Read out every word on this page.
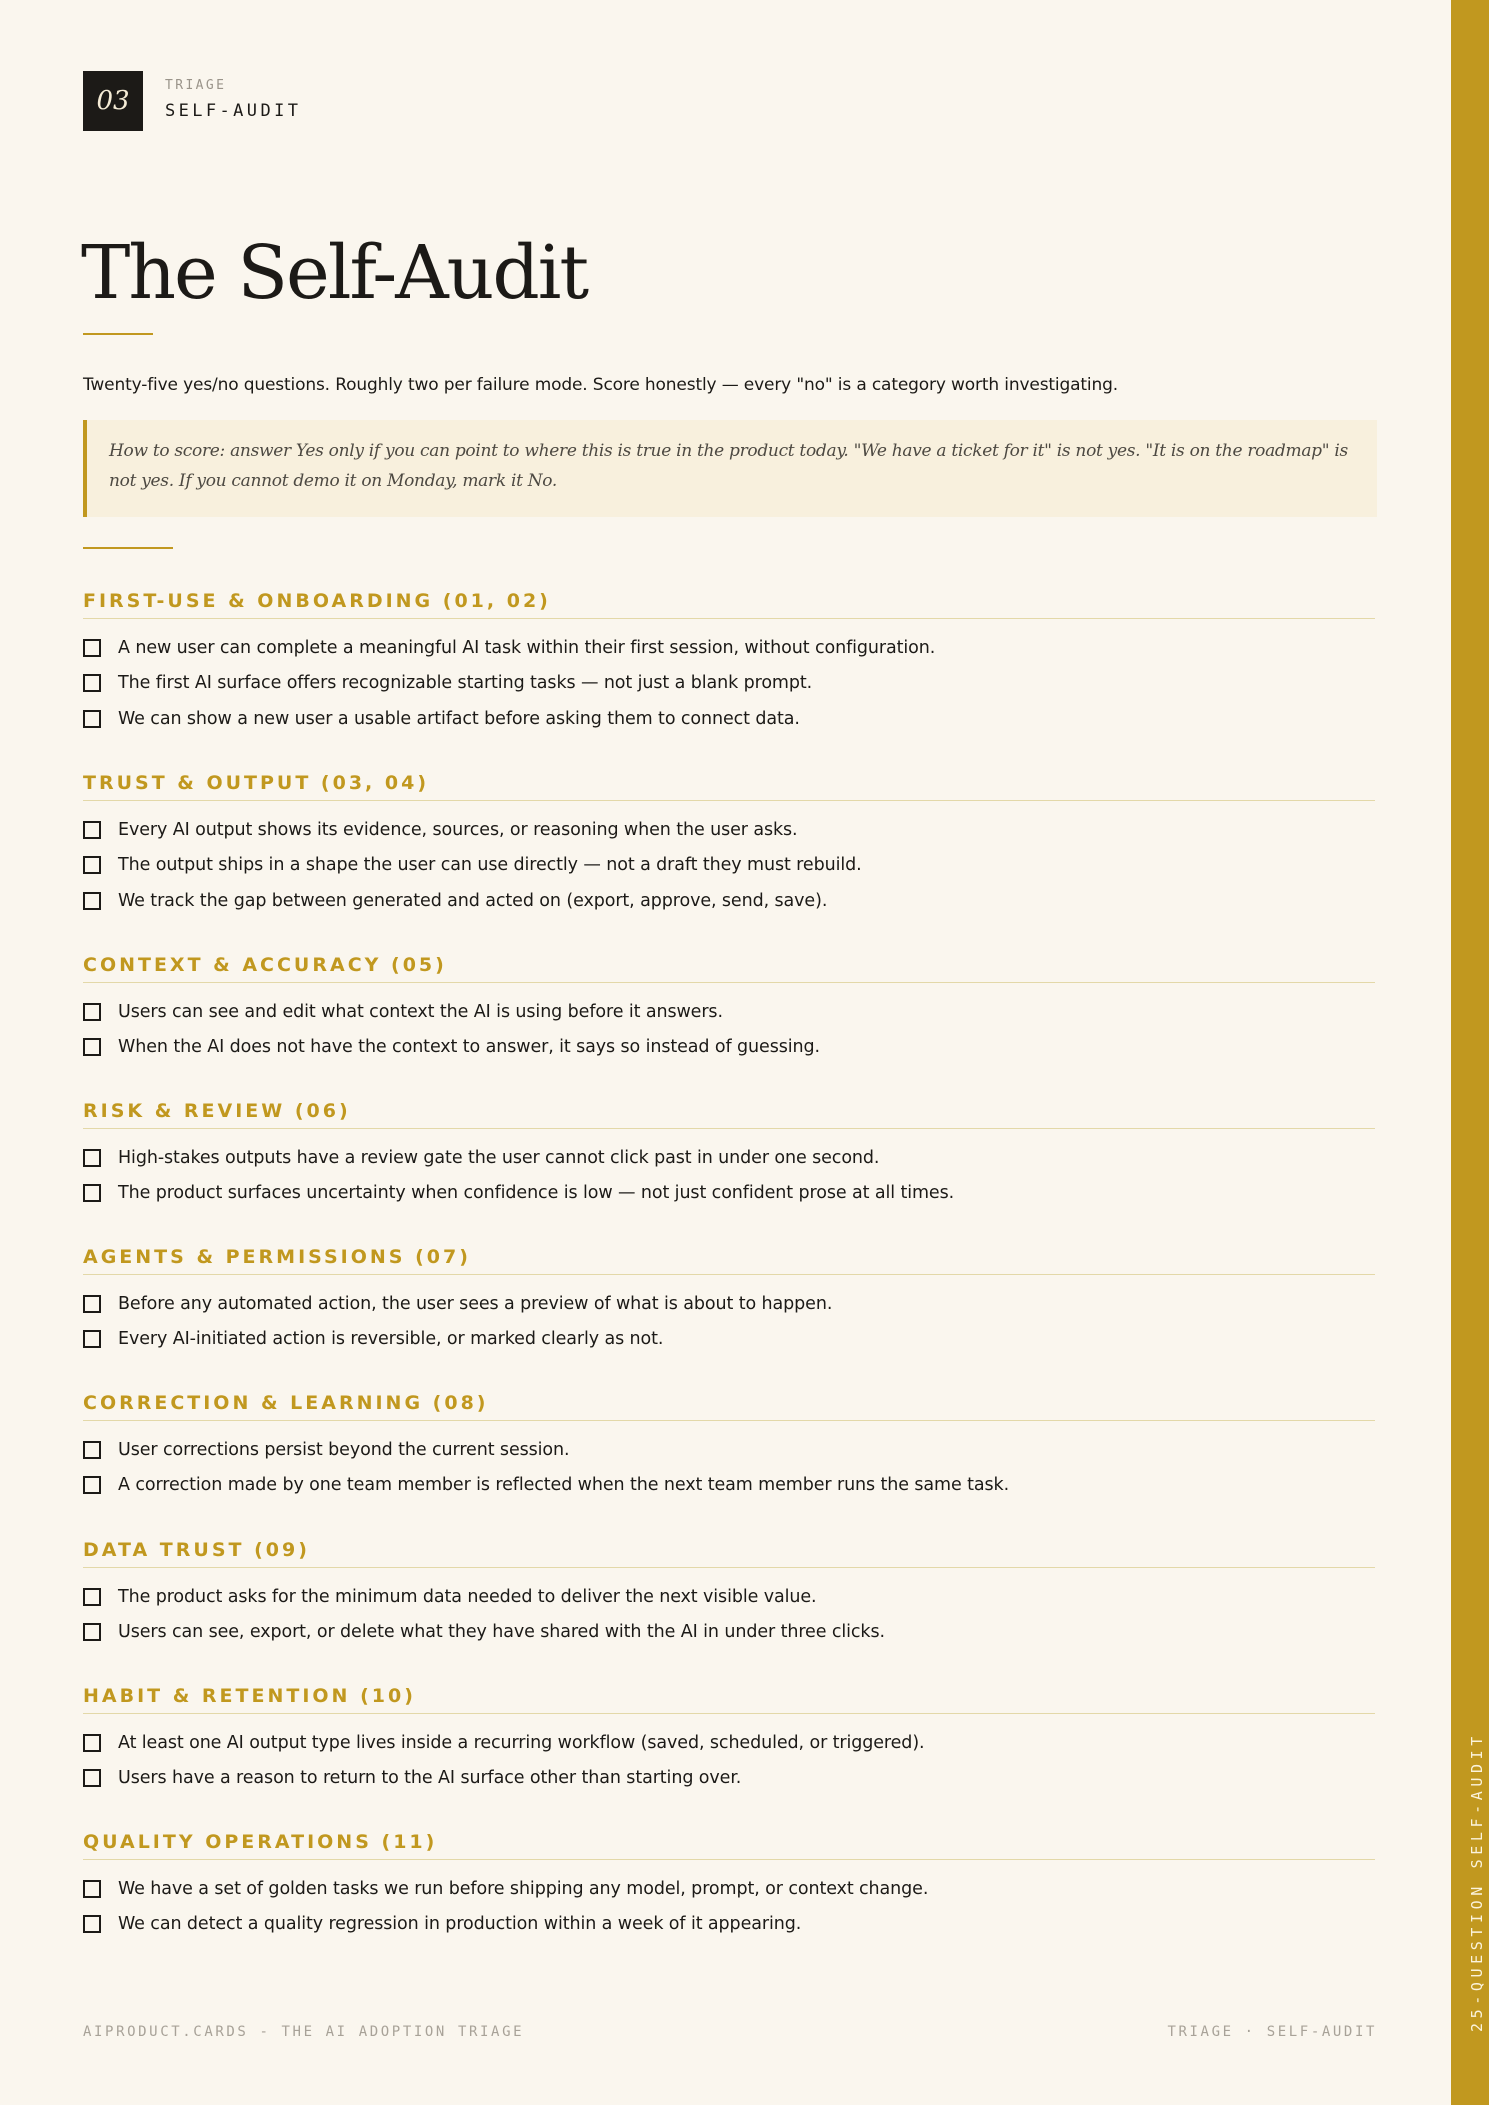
25-QUESTION SELF-AUDIT
03
TRIAGE
SELF-AUDIT
The Self-Audit
Twenty-five yes/no questions. Roughly two per failure mode. Score honestly — every "no" is a category worth investigating.
How to score: answer Yes only if you can point to where this is true in the product today. "We have a ticket for it" is not yes. "It is on the roadmap" is not yes. If you cannot demo it on Monday, mark it No.
FIRST-USE & ONBOARDING (01, 02)
A new user can complete a meaningful AI task within their first session, without configuration.
The first AI surface offers recognizable starting tasks — not just a blank prompt.
We can show a new user a usable artifact before asking them to connect data.
TRUST & OUTPUT (03, 04)
Every AI output shows its evidence, sources, or reasoning when the user asks.
The output ships in a shape the user can use directly — not a draft they must rebuild.
We track the gap between generated and acted on (export, approve, send, save).
CONTEXT & ACCURACY (05)
Users can see and edit what context the AI is using before it answers.
When the AI does not have the context to answer, it says so instead of guessing.
RISK & REVIEW (06)
High-stakes outputs have a review gate the user cannot click past in under one second.
The product surfaces uncertainty when confidence is low — not just confident prose at all times.
AGENTS & PERMISSIONS (07)
Before any automated action, the user sees a preview of what is about to happen.
Every AI-initiated action is reversible, or marked clearly as not.
CORRECTION & LEARNING (08)
User corrections persist beyond the current session.
A correction made by one team member is reflected when the next team member runs the same task.
DATA TRUST (09)
The product asks for the minimum data needed to deliver the next visible value.
Users can see, export, or delete what they have shared with the AI in under three clicks.
HABIT & RETENTION (10)
At least one AI output type lives inside a recurring workflow (saved, scheduled, or triggered).
Users have a reason to return to the AI surface other than starting over.
QUALITY OPERATIONS (11)
We have a set of golden tasks we run before shipping any model, prompt, or context change.
We can detect a quality regression in production within a week of it appearing.
AIPRODUCT.CARDS - THE AI ADOPTION TRIAGE	TRIAGE · SELF-AUDIT
